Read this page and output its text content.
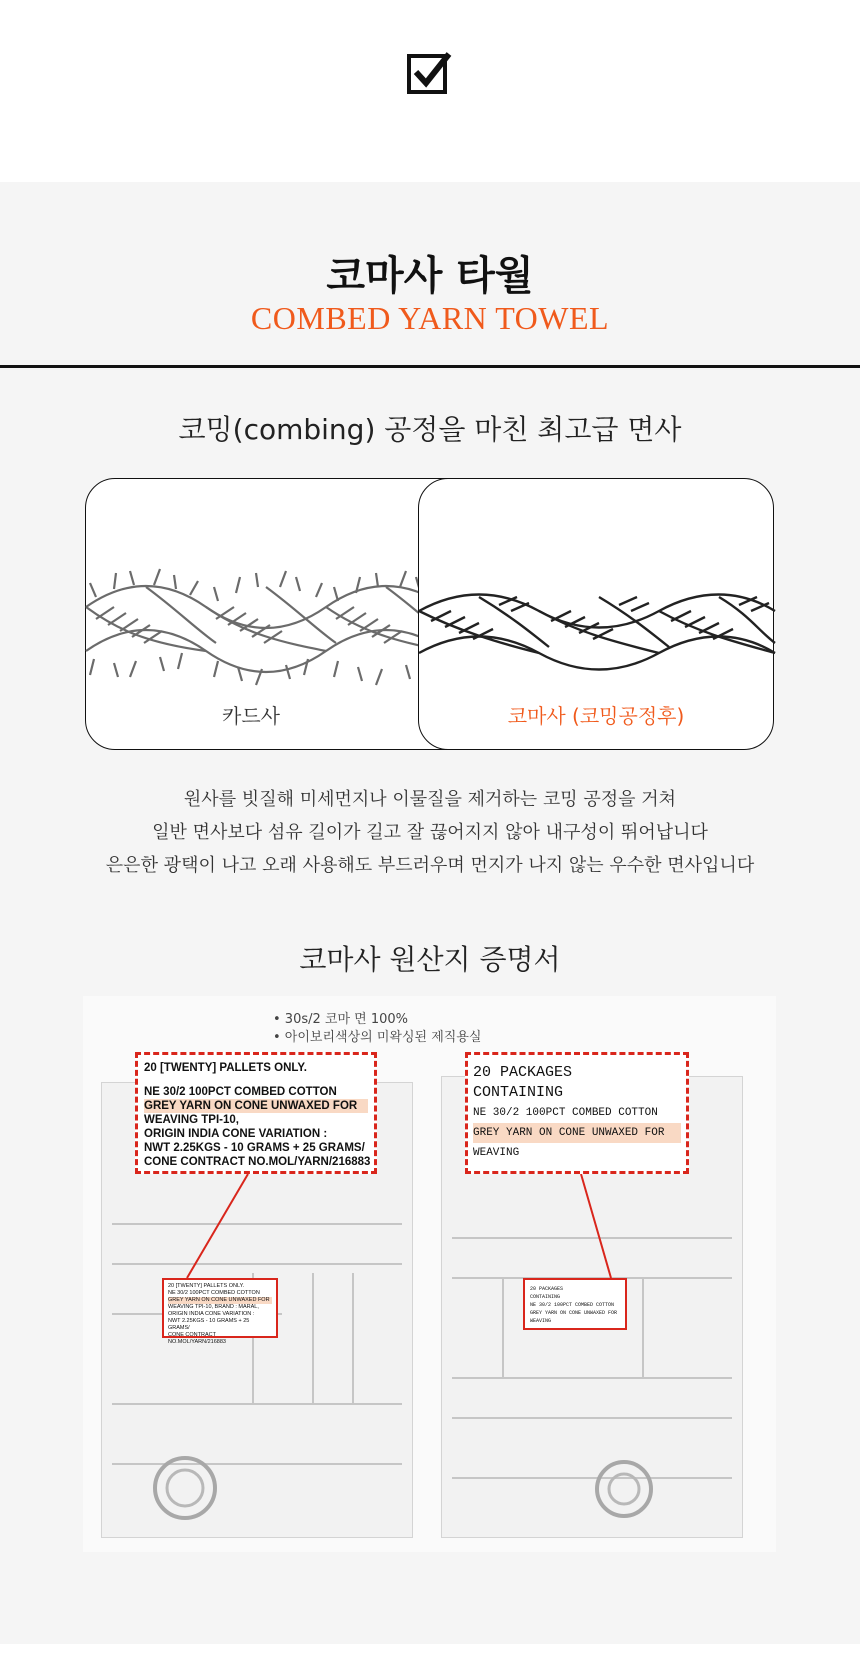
코마사 타월
COMBED YARN TOWEL
코밍(combing) 공정을 마친 최고급 면사
카드사	코마사 (코밍공정후)
원사를 빗질해 미세먼지나 이물질을 제거하는 코밍 공정을 거쳐
일반 면사보다 섬유 길이가 길고 잘 끊어지지 않아 내구성이 뛰어납니다
은은한 광택이 나고 오래 사용해도 부드러우며 먼지가 나지 않는 우수한 면사입니다
코마사 원산지 증명서
• 30s/2 코마 면 100%
• 아이보리색상의 미왁싱된 제직용실
20 [TWENTY] PALLETS ONLY.
NE 30/2 100PCT COMBED COTTON
GREY YARN ON CONE UNWAXED FOR
WEAVING TPI-10,
ORIGIN INDIA CONE VARIATION :
NWT 2.25KGS - 10 GRAMS + 25 GRAMS/
CONE CONTRACT NO.MOL/YARN/216883
20 [TWENTY] PALLETS ONLY.
NE 30/2 100PCT COMBED COTTON
GREY YARN ON CONE UNWAXED FOR
WEAVING TPI-10, BRAND : MARAL,
ORIGIN INDIA CONE VARIATION :
NWT 2.25KGS - 10 GRAMS + 25 GRAMS/
CONE CONTRACT NO.MOL/YARN/216883
20 PACKAGES
CONTAINING
NE 30/2 100PCT COMBED COTTON
GREY YARN ON CONE UNWAXED FOR
WEAVING
20 PACKAGES
CONTAINING
NE 30/2 100PCT COMBED COTTON
GREY YARN ON CONE UNWAXED FOR
WEAVING
